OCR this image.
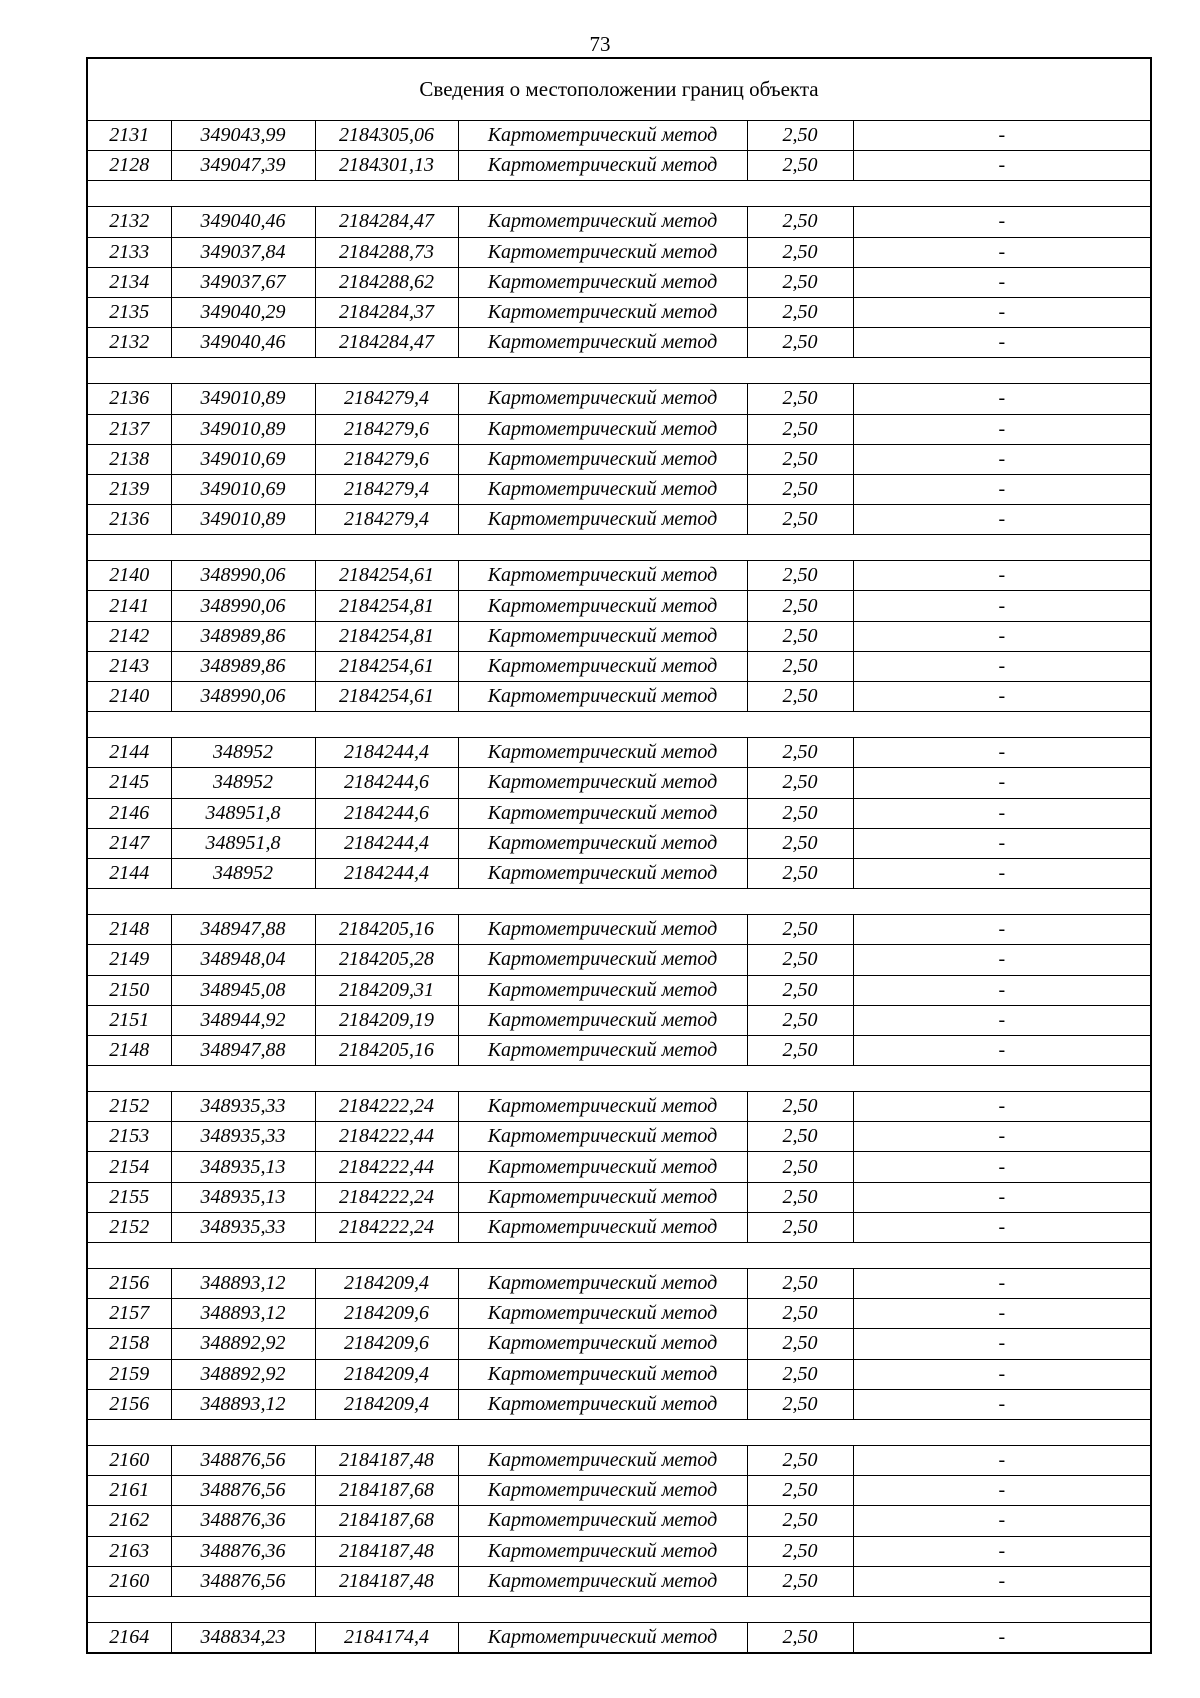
73
Сведения о местоположении границ объекта					
2131	349043,99	2184305,06	Картометрический метод	2,50	-
2128	349047,39	2184301,13	Картометрический метод	2,50	-

2132	349040,46	2184284,47	Картометрический метод	2,50	-
2133	349037,84	2184288,73	Картометрический метод	2,50	-
2134	349037,67	2184288,62	Картометрический метод	2,50	-
2135	349040,29	2184284,37	Картометрический метод	2,50	-
2132	349040,46	2184284,47	Картометрический метод	2,50	-

2136	349010,89	2184279,4	Картометрический метод	2,50	-
2137	349010,89	2184279,6	Картометрический метод	2,50	-
2138	349010,69	2184279,6	Картометрический метод	2,50	-
2139	349010,69	2184279,4	Картометрический метод	2,50	-
2136	349010,89	2184279,4	Картометрический метод	2,50	-

2140	348990,06	2184254,61	Картометрический метод	2,50	-
2141	348990,06	2184254,81	Картометрический метод	2,50	-
2142	348989,86	2184254,81	Картометрический метод	2,50	-
2143	348989,86	2184254,61	Картометрический метод	2,50	-
2140	348990,06	2184254,61	Картометрический метод	2,50	-

2144	348952	2184244,4	Картометрический метод	2,50	-
2145	348952	2184244,6	Картометрический метод	2,50	-
2146	348951,8	2184244,6	Картометрический метод	2,50	-
2147	348951,8	2184244,4	Картометрический метод	2,50	-
2144	348952	2184244,4	Картометрический метод	2,50	-

2148	348947,88	2184205,16	Картометрический метод	2,50	-
2149	348948,04	2184205,28	Картометрический метод	2,50	-
2150	348945,08	2184209,31	Картометрический метод	2,50	-
2151	348944,92	2184209,19	Картометрический метод	2,50	-
2148	348947,88	2184205,16	Картометрический метод	2,50	-

2152	348935,33	2184222,24	Картометрический метод	2,50	-
2153	348935,33	2184222,44	Картометрический метод	2,50	-
2154	348935,13	2184222,44	Картометрический метод	2,50	-
2155	348935,13	2184222,24	Картометрический метод	2,50	-
2152	348935,33	2184222,24	Картометрический метод	2,50	-

2156	348893,12	2184209,4	Картометрический метод	2,50	-
2157	348893,12	2184209,6	Картометрический метод	2,50	-
2158	348892,92	2184209,6	Картометрический метод	2,50	-
2159	348892,92	2184209,4	Картометрический метод	2,50	-
2156	348893,12	2184209,4	Картометрический метод	2,50	-

2160	348876,56	2184187,48	Картометрический метод	2,50	-
2161	348876,56	2184187,68	Картометрический метод	2,50	-
2162	348876,36	2184187,68	Картометрический метод	2,50	-
2163	348876,36	2184187,48	Картометрический метод	2,50	-
2160	348876,56	2184187,48	Картометрический метод	2,50	-

2164	348834,23	2184174,4	Картометрический метод	2,50	-
